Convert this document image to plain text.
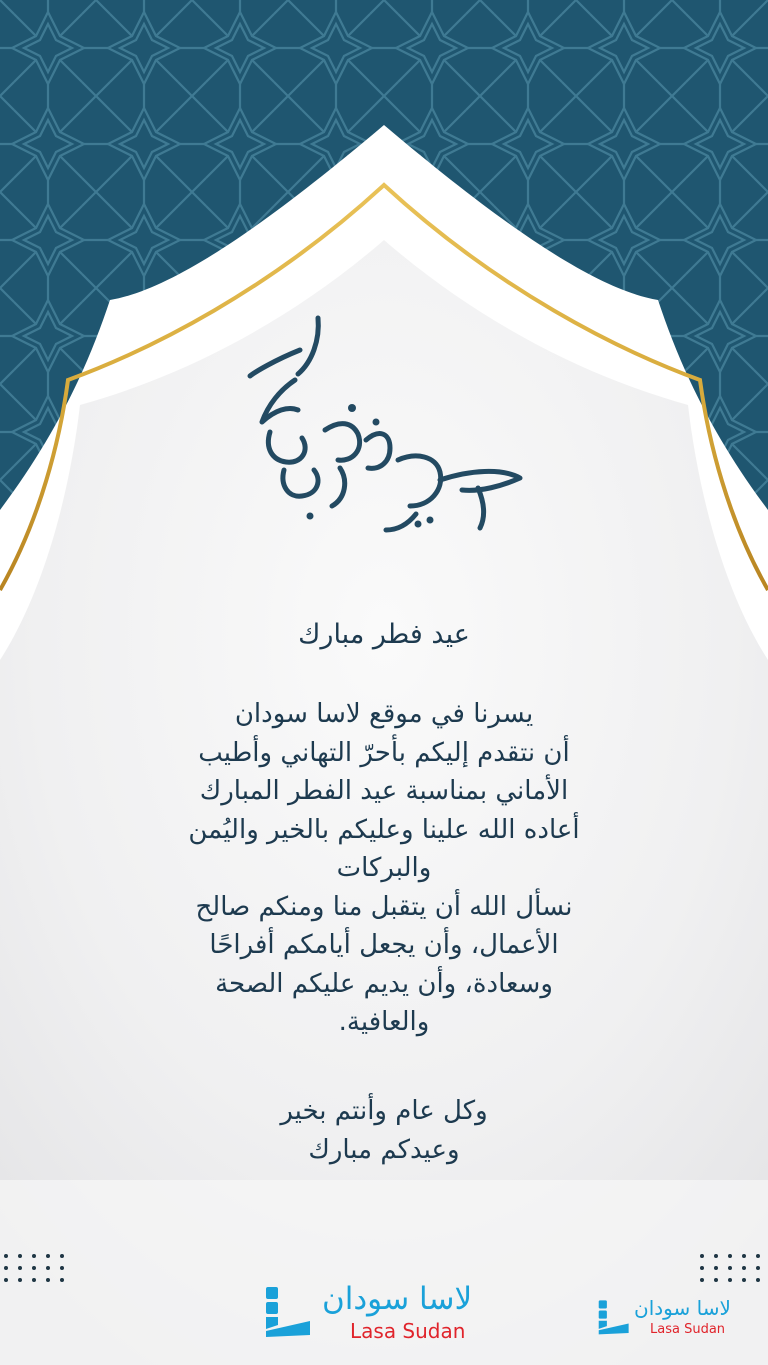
عيد فطر مبارك

يسرنا في موقع لاسا سودان

أن نتقدم إليكم بأحرّ التهاني وأطيب

الأماني بمناسبة عيد الفطر المبارك

أعاده الله علينا وعليكم بالخير واليُمن

والبركات

نسأل الله أن يتقبل منا ومنكم صالح

الأعمال، وأن يجعل أيامكم أفراحًا

وسعادة، وأن يديم عليكم الصحة

والعافية.

وكل عام وأنتم بخير

وعيدكم مبارك

لاسا سودان
Lasa Sudan
لاسا سودان
Lasa Sudan
